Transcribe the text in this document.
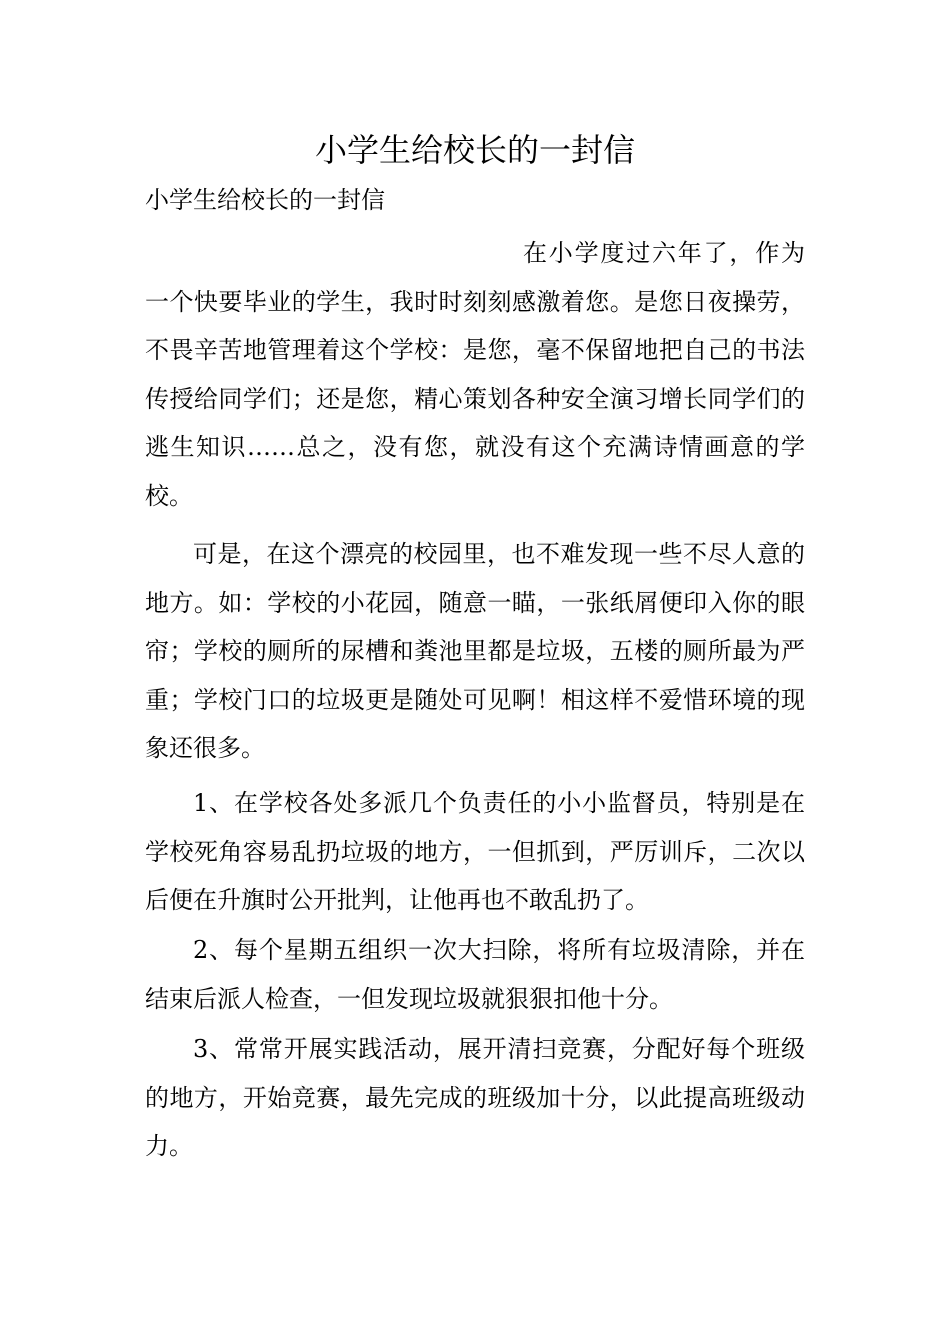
小学生给校长的一封信

小学生给校长的一封信

在小学度过六年了，作为一个快要毕业的学生，我时时刻刻感激着您。是您日夜操劳，不畏辛苦地管理着这个学校：是您，毫不保留地把自己的书法传授给同学们；还是您，精心策划各种安全演习增长同学们的逃生知识……总之，没有您，就没有这个充满诗情画意的学校。

可是，在这个漂亮的校园里，也不难发现一些不尽人意的地方。如：学校的小花园，随意一瞄，一张纸屑便印入你的眼帘；学校的厕所的尿槽和粪池里都是垃圾，五楼的厕所最为严重；学校门口的垃圾更是随处可见啊！相这样不爱惜环境的现象还很多。

1、在学校各处多派几个负责任的小小监督员，特别是在学校死角容易乱扔垃圾的地方，一但抓到，严厉训斥，二次以后便在升旗时公开批判，让他再也不敢乱扔了。

2、每个星期五组织一次大扫除，将所有垃圾清除，并在结束后派人检查，一但发现垃圾就狠狠扣他十分。

3、常常开展实践活动，展开清扫竞赛，分配好每个班级的地方，开始竞赛，最先完成的班级加十分，以此提高班级动力。
